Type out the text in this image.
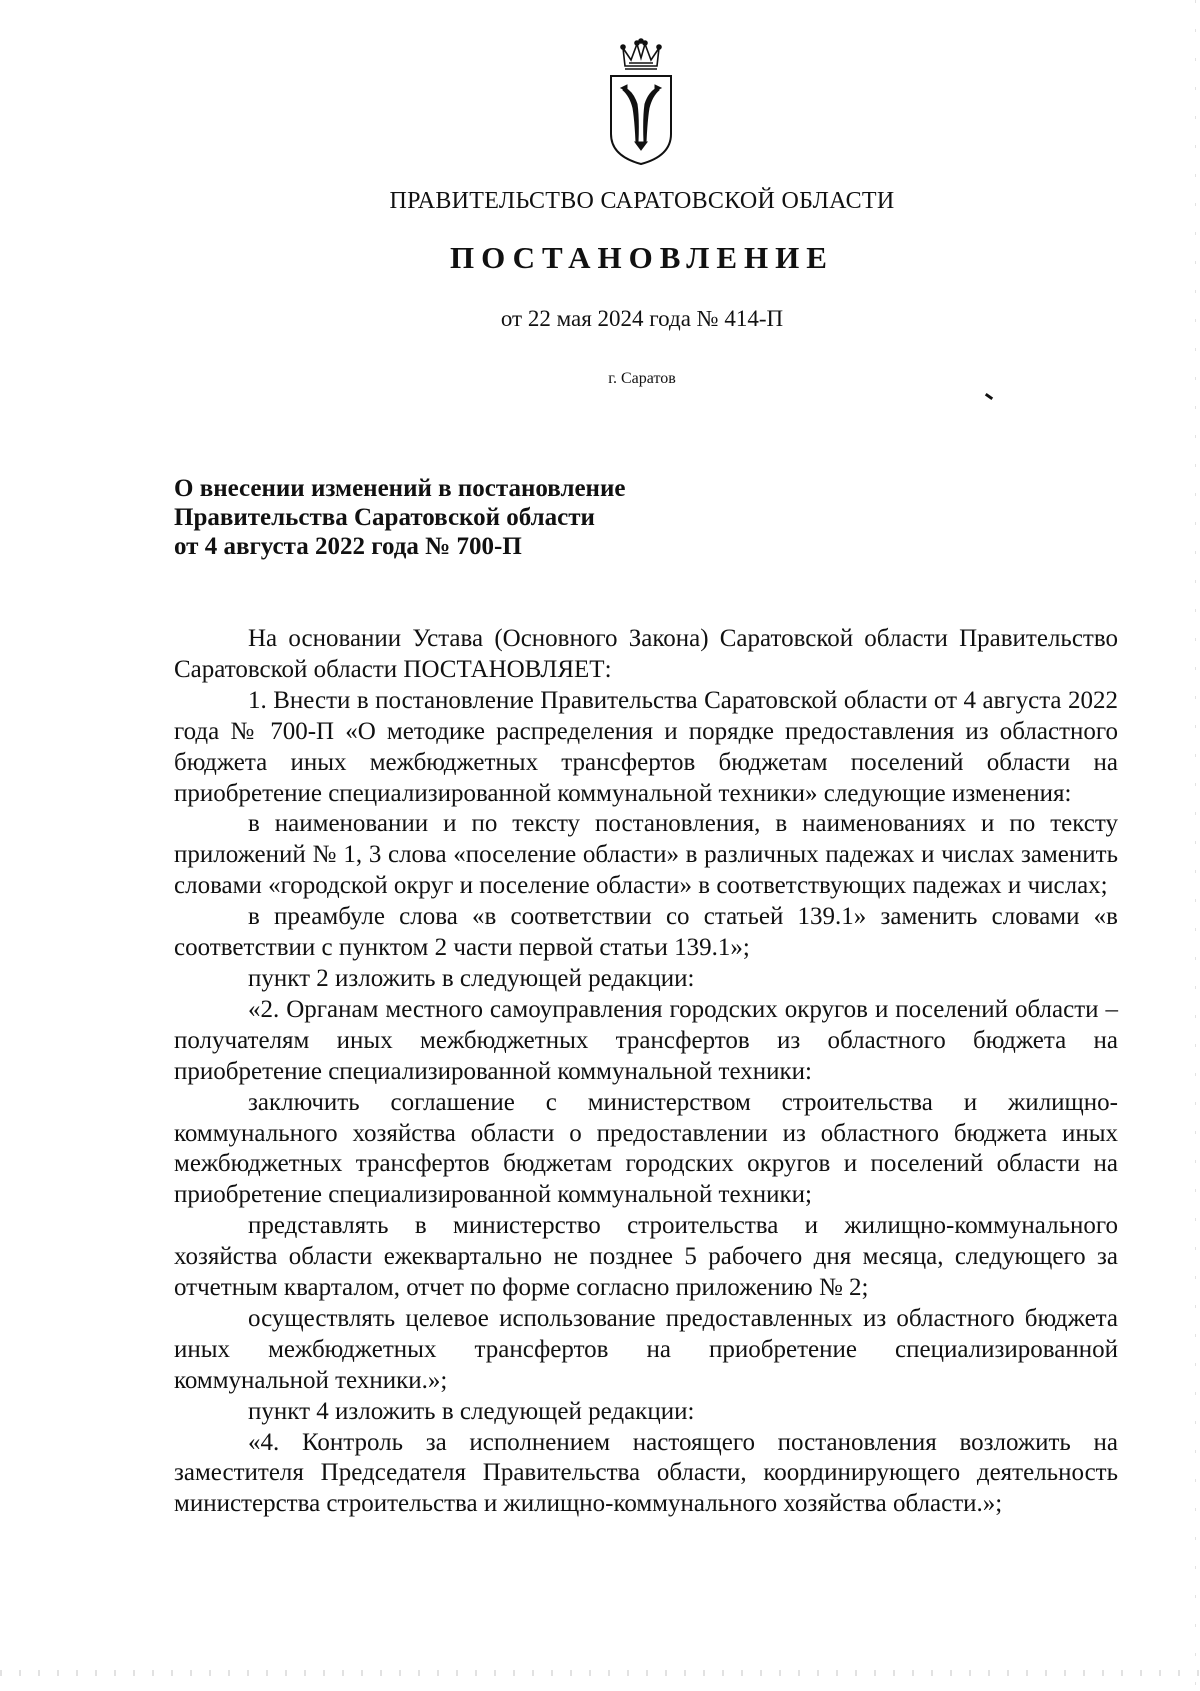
ПРАВИТЕЛЬСТВО САРАТОВСКОЙ ОБЛАСТИ
ПОСТАНОВЛЕНИЕ
от 22 мая 2024 года № 414-П
г. Саратов
О внесении изменений в постановление
Правительства Саратовской области
от 4 августа 2022 года № 700-П

На основании Устава (Основного Закона) Саратовской области Правительство Саратовской области ПОСТАНОВЛЯЕТ:

1. Внести в постановление Правительства Саратовской области от 4 августа 2022 года № 700-П «О методике распределения и порядке предоставления из областного бюджета иных межбюджетных трансфертов бюджетам поселений области на приобретение специализированной коммунальной техники» следующие изменения:

в наименовании и по тексту постановления, в наименованиях и по тексту приложений № 1, 3 слова «поселение области» в различных падежах и числах заменить словами «городской округ и поселение области» в соответствующих падежах и числах;

в преамбуле слова «в соответствии со статьей 139.1» заменить словами «в соответствии с пунктом 2 части первой статьи 139.1»;

пункт 2 изложить в следующей редакции:

«2. Органам местного самоуправления городских округов и поселений области – получателям иных межбюджетных трансфертов из областного бюджета на приобретение специализированной коммунальной техники:

заключить соглашение с министерством строительства и жилищно-коммунального хозяйства области о предоставлении из областного бюджета иных межбюджетных трансфертов бюджетам городских округов и поселений области на приобретение специализированной коммунальной техники;

представлять в министерство строительства и жилищно-коммунального хозяйства области ежеквартально не позднее 5 рабочего дня месяца, следующего за отчетным кварталом, отчет по форме согласно приложению № 2;

осуществлять целевое использование предоставленных из областного бюджета иных межбюджетных трансфертов на приобретение специализированной коммунальной техники.»;

пункт 4 изложить в следующей редакции:

«4. Контроль за исполнением настоящего постановления возложить на заместителя Председателя Правительства области, координирующего деятельность министерства строительства и жилищно-коммунального хозяйства области.»;
